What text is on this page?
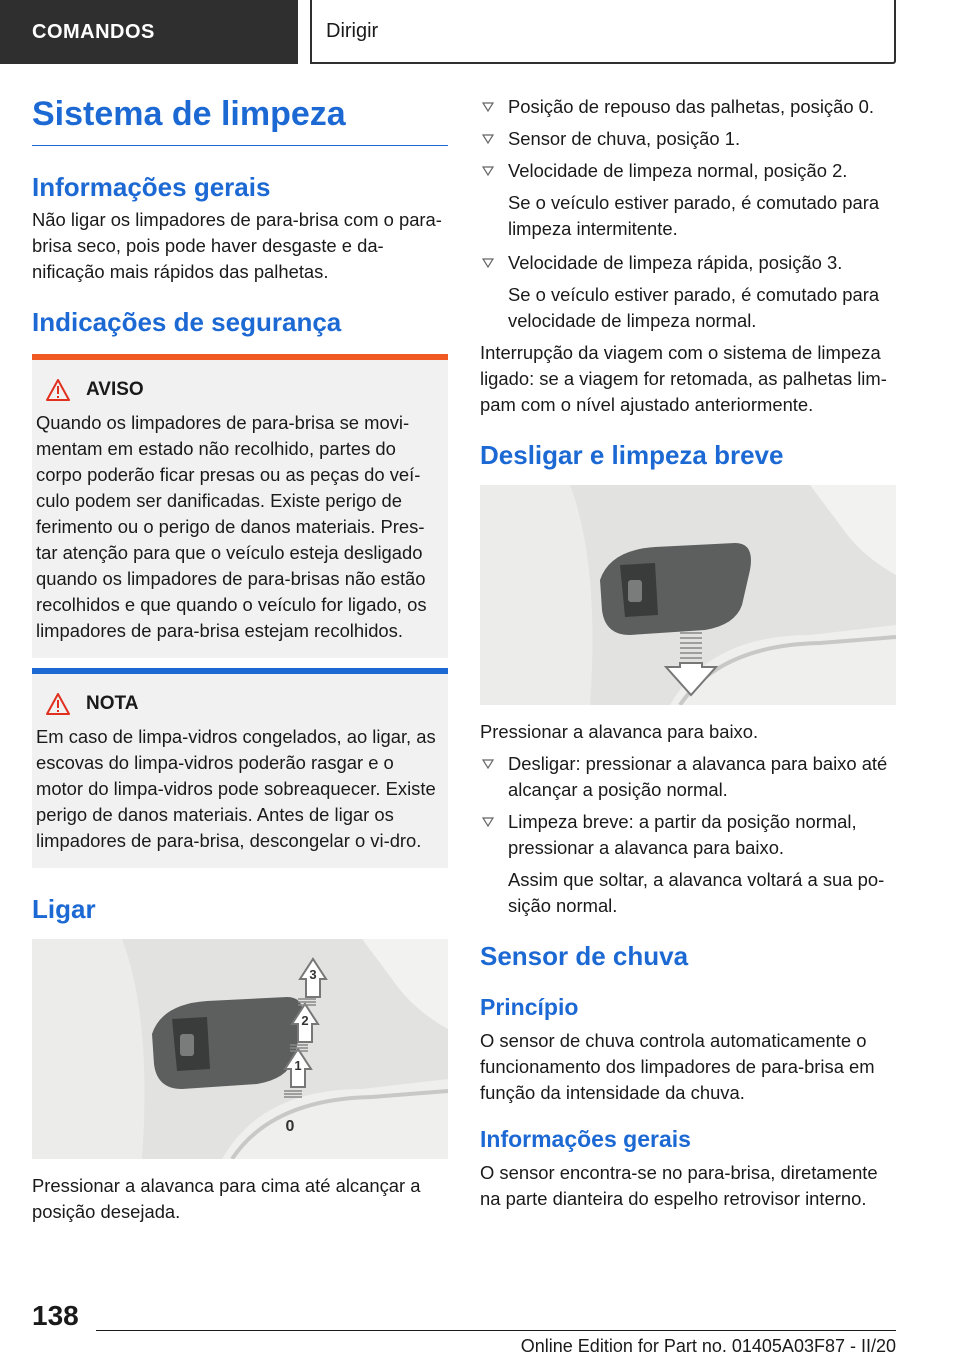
COMANDOS	Dirigir
Sistema de limpeza
Informações gerais

Não ligar os limpadores de para-brisa com o para-brisa seco, pois pode haver desgaste e da-nificação mais rápidos das palhetas.

Indicações de segurança
AVISO

Quando os limpadores de para-brisa se movi-mentam em estado não recolhido, partes do corpo poderão ficar presas ou as peças do veí-culo podem ser danificadas. Existe perigo de ferimento ou o perigo de danos materiais. Pres-tar atenção para que o veículo esteja desligado quando os limpadores de para-brisas não estão recolhidos e que quando o veículo for ligado, os limpadores de para-brisa estejam recolhidos.

NOTA

Em caso de limpa-vidros congelados, ao ligar, as escovas do limpa-vidros poderão rasgar e o motor do limpa-vidros pode sobreaquecer. Existe perigo de danos materiais. Antes de ligar os limpadores de para-brisa, descongelar o vi-dro.

Ligar
3
2
1
0

Pressionar a alavanca para cima até alcançar a posição desejada.

Posição de repouso das palhetas, posição 0.
Sensor de chuva, posição 1.
Velocidade de limpeza normal, posição 2.
Se o veículo estiver parado, é comutado para limpeza intermitente.
Velocidade de limpeza rápida, posição 3.
Se o veículo estiver parado, é comutado para velocidade de limpeza normal.

Interrupção da viagem com o sistema de limpeza ligado: se a viagem for retomada, as palhetas lim-pam com o nível ajustado anteriormente.

Desligar e limpeza breve

Pressionar a alavanca para baixo.

Desligar: pressionar a alavanca para baixo até alcançar a posição normal.
Limpeza breve: a partir da posição normal, pressionar a alavanca para baixo.
Assim que soltar, a alavanca voltará a sua po-sição normal.
Sensor de chuva
Princípio

O sensor de chuva controla automaticamente o funcionamento dos limpadores de para-brisa em função da intensidade da chuva.

Informações gerais

O sensor encontra-se no para-brisa, diretamente na parte dianteira do espelho retrovisor interno.

138
Online Edition for Part no. 01405A03F87 - II/20
